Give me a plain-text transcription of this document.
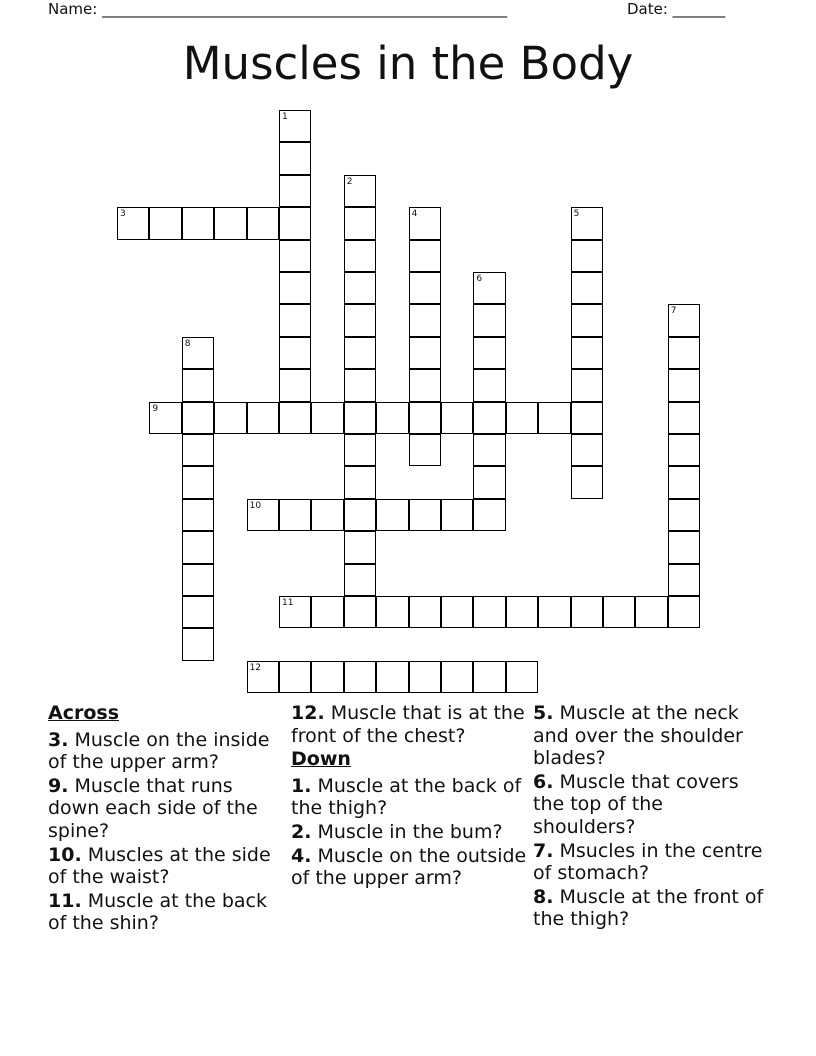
Name: ______________________________________________________	Date: _______
Muscles in the Body
1
2
3	4	5
6
7
8
9
10
11
12
Across
3. Muscle on the inside of the upper arm?
9. Muscle that runs down each side of the spine?
10. Muscles at the side of the waist?
11. Muscle at the back of the shin?
12. Muscle that is at the front of the chest?
Down
1. Muscle at the back of the thigh?
2. Muscle in the bum?
4. Muscle on the outside of the upper arm?
5. Muscle at the neck and over the shoulder blades?
6. Muscle that covers the top of the shoulders?
7. Msucles in the centre of stomach?
8. Muscle at the front of the thigh?
